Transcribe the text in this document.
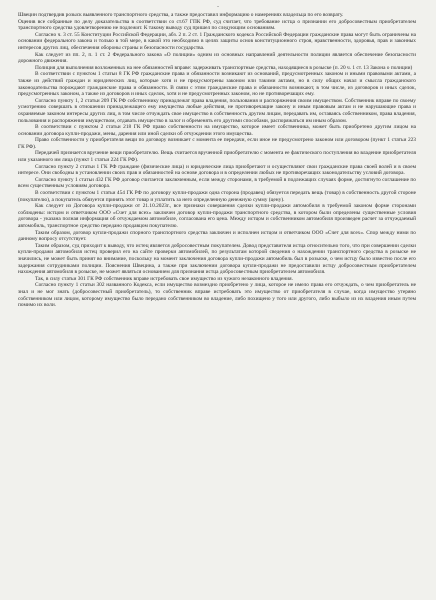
-

Швецин подтвердив розыск выявленного транспортного средства, а также предоставил информацию о намерениях владельца по его возврату.

Оценив все собранные по делу доказательства в соответствии со ст.67 ГПК РФ, суд считает, что требование истца о признании его добросовестным приобретателем транспортного средства удовлетворению не подлежит. К такому выводу суд пришел по следующим основаниям.

Согласно ч. 3 ст. 55 Конституции Российской Федерации, абз. 2 п. 2 ст. 1 Гражданского кодекса Российской Федерации гражданские права могут быть ограничены на основании федерального закона и только в той мере, в какой это необходимо в целях защиты основ конституционного строя, нравственности, здоровья, прав и законных интересов других лиц, обеспечения обороны страны и безопасности государства.

Как следует из пп. 2, п. 1 ст. 2 Федерального закона «О полиции» одним из основных направлений деятельности полиции является обеспечение безопасности дорожного движения.

Полиция для выполнения возложенных на нее обязанностей вправе: задерживать транспортные средства, находящиеся в розыске (п. 20 ч. 1 ст. 13 Закона о полиции)

В соответствии с пунктом 1 статьи 8 ГК РФ гражданские права и обязанности возникают из оснований, предусмотренных законом и иными правовыми актами, а также из действий граждан и юридических лиц, которые хотя и не предусмотрены законом или такими актами, но в силу общих начал и смысла гражданского законодательства порождают гражданские права и обязанности. В связи с этим гражданские права и обязанности возникают, в том числе, из договоров и иных сделок, предусмотренных законом, а также из договоров и иных сделок, хотя и не предусмотренных законом, но не противоречащих ему.

Согласно пункту 1, 2 статьи 209 ГК РФ собственнику принадлежат права владения, пользования и распоряжения своим имуществом. Собственник вправе по своему усмотрению совершать в отношении принадлежащего ему имущества любые действия, не противоречащие закону и иным правовым актам и не нарушающие права и охраняемые законом интересы других лиц, в том числе отчуждать свое имущество в собственность другим лицам, передавать им, оставаясь собственником, права владения, пользования и распоряжения имуществом, отдавать имущество в залог и обременять его другими способами, распоряжаться им иным образом.

В соответствии с пунктом 2 статьи 218 ГК РФ право собственности на имущество, которое имеет собственника, может быть приобретено другим лицом на основании договора купли-продажи, мены, дарения или иной сделки об отчуждении этого имущества.

Право собственности у приобретателя вещи по договору возникает с момента ее передачи, если иное не предусмотрено законом или договором (пункт 1 статьи 223 ГК РФ).

Передачей признается вручение вещи приобретателю. Вещь считается врученной приобретателю с момента ее фактического поступления во владение приобретателя или указанного им лица (пункт 1 статьи 224 ГК РФ).

Согласно пункту 2 статьи 1 ГК РФ граждане (физические лица) и юридические лица приобретают и осуществляют свои гражданские права своей волей и в своем интересе. Они свободны в установлении своих прав и обязанностей на основе договора и в определении любых не противоречащих законодательству условий договора.

Согласно пункту 1 статьи 432 ГК РФ договор считается заключенным, если между сторонами, в требуемой в подлежащих случаях форме, достигнуто соглашение по всем существенным условиям договора.

В соответствии с пунктом 1 статьи 454 ГК РФ по договору купли-продажи одна сторона (продавец) обязуется передать вещь (товар) в собственность другой стороне (покупателю), а покупатель обязуется принять этот товар и уплатить за него определенную денежную сумму (цену).

Как следует из Договора купли-продажи от 21.10.2023г., все признаки совершения сделки купли-продажи автомобиля в требуемой законом форме сторонами соблюдены: истцом и ответчиком ООО «Счет для всех» заключен договор купли-продажи транспортного средства, в котором были определены существенные условия договора - указана полная информация об отчуждаемом автомобиле, согласована его цена. Между истцом и собственником автомобиля произведен расчет за отчуждаемый автомобиль, транспортное средство передано продавцом покупателю.

Таким образом, договор купли-продажи спорного транспортного средства заключен и исполнен истцом и ответчиком ООО «Счет для всех». Спор между ними по данному вопросу отсутствует.

Таким образом, суд приходит к выводу, что истец является добросовестным покупателем. Довод представителя истца относительно того, что при совершении сделки купли-продажи автомобиля истец проверил его на сайте проверки автомобилей, по результатам которой сведения о нахождении транспортного средства в розыске не значились, не может быть принят во внимание, поскольку на момент заключения договора купли-продажи автомобиль был в розыске, о чем истцу было известно после его задержания сотрудниками полиции. Пояснения Швецина, а также при заключении договора купли-продажи не предоставили истцу добросовестным приобретателем нахождения автомобиля в розыске, не может являться основанием для признания истца добросовестным приобретателем автомобиля.

Так, в силу статьи 301 ГК РФ собственник вправе истребовать свое имущество из чужого незаконного владения.

Согласно пункту 1 статьи 302 названного Кодекса, если имущество возмездно приобретено у лица, которое не имело права его отчуждать, о чем приобретатель не знал и не мог знать (добросовестный приобретатель), то собственник вправе истребовать это имущество от приобретателя в случае, когда имущество утеряно собственником или лицом, которому имущество было передано собственником во владение, либо похищено у того или другого, либо выбыло из их владения иным путем помимо их воли.
